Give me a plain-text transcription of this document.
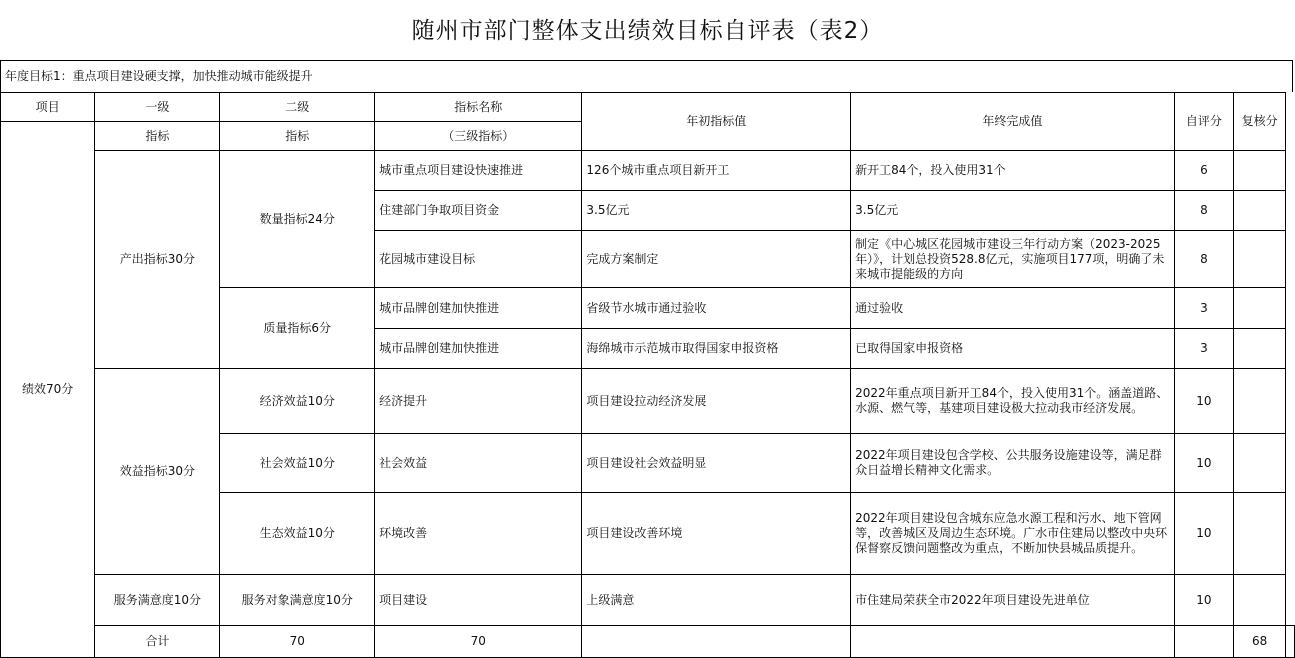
随州市部门整体支出绩效目标自评表（表2）
年度目标1：重点项目建设硬支撑，加快推动城市能级提升
项目	一级	二级	指标名称	年初指标值	年终完成值	自评分	复核分	
绩效70分	指标	指标	（三级指标）					
	产出指标30分	数量指标24分	城市重点项目建设快速推进	126个城市重点项目新开工	新开工84个，投入使用31个	6		
			住建部门争取项目资金	3.5亿元	3.5亿元	8		
			花园城市建设目标	完成方案制定	制定《中心城区花园城市建设三年行动方案（2023-2025年）》，计划总投资528.8亿元，实施项目177项，明确了未来城市提能级的方向	8		
		质量指标6分	城市品牌创建加快推进	省级节水城市通过验收	通过验收	3		
			城市品牌创建加快推进	海绵城市示范城市取得国家申报资格	已取得国家申报资格	3		
	效益指标30分	经济效益10分	经济提升	项目建设拉动经济发展	2022年重点项目新开工84个，投入使用31个。涵盖道路、水源、燃气等，基建项目建设极大拉动我市经济发展。	10		
		社会效益10分	社会效益	项目建设社会效益明显	2022年项目建设包含学校、公共服务设施建设等，满足群众日益增长精神文化需求。	10		
		生态效益10分	环境改善	项目建设改善环境	2022年项目建设包含城东应急水源工程和污水、地下管网等，改善城区及周边生态环境。广水市住建局以整改中央环保督察反馈问题整改为重点，不断加快县城品质提升。	10		
	服务满意度10分	服务对象满意度10分	项目建设	上级满意	市住建局荣获全市2022年项目建设先进单位	10		
	合计	70	70				68	
